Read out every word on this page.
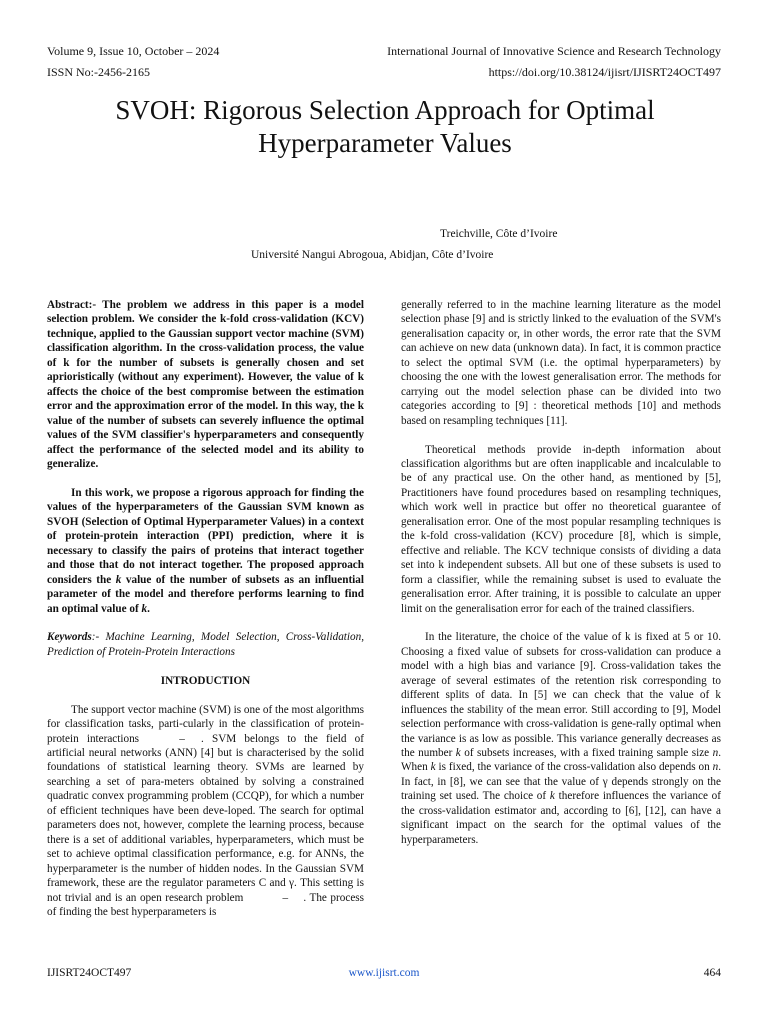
Volume 9, Issue 10, October – 2024	International Journal of Innovative Science and Research Technology
ISSN No:-2456-2165	https://doi.org/10.38124/ijisrt/IJISRT24OCT497
SVOH: Rigorous Selection Approach for Optimal Hyperparameter Values
Treichville, Côte d’Ivoire
Université Nangui Abrogoua, Abidjan, Côte d’Ivoire

Abstract:- The problem we address in this paper is a model selection problem. We consider the k-fold cross-validation (KCV) technique, applied to the Gaussian support vector machine (SVM) classification algorithm. In the cross-validation process, the value of k for the number of subsets is generally chosen and set aprioristically (without any experiment). However, the value of k affects the choice of the best compromise between the estimation error and the approximation error of the model. In this way, the k value of the number of subsets can severely influence the optimal values of the SVM classifier's hyperparameters and consequently affect the performance of the selected model and its ability to generalize.

In this work, we propose a rigorous approach for finding the values of the hyperparameters of the Gaussian SVM known as SVOH (Selection of Optimal Hyperparameter Values) in a context of protein-protein interaction (PPI) prediction, where it is necessary to classify the pairs of proteins that interact together and those that do not interact together. The proposed approach considers the k value of the number of subsets as an influential parameter of the model and therefore performs learning to find an optimal value of k.

Keywords:- Machine Learning, Model Selection, Cross-Validation, Prediction of Protein-Protein Interactions

INTRODUCTION

The support vector machine (SVM) is one of the most algorithms for classification tasks, parti-cularly in the classification of protein-protein interactions	– . SVM belongs to the field of artificial neural networks (ANN) [4] but is characterised by the solid foundations of statistical learning theory. SVMs are learned by searching a set of para-meters obtained by solving a constrained quadratic convex programming problem (CCQP), for which a number of efficient techniques have been deve-loped. The search for optimal parameters does not, however, complete the learning process, because there is a set of additional variables, hyperparameters, which must be set to achieve optimal classification performance, e.g. for ANNs, the hyperparameter is the number of hidden nodes. In the Gaussian SVM framework, these are the regulator parameters C and γ. This setting is not trivial and is an open research problem	– . The process of finding the best hyperparameters is

generally referred to in the machine learning literature as the model selection phase [9] and is strictly linked to the evaluation of the SVM's generalisation capacity or, in other words, the error rate that the SVM can achieve on new data (unknown data). In fact, it is common practice to select the optimal SVM (i.e. the optimal hyperparameters) by choosing the one with the lowest generalisation error. The methods for carrying out the model selection phase can be divided into two categories according to [9] : theoretical methods [10] and methods based on resampling techniques [11].

Theoretical methods provide in-depth information about classification algorithms but are often inapplicable and incalculable to be of any practical use. On the other hand, as mentioned by [5], Practitioners have found procedures based on resampling techniques, which work well in practice but offer no theoretical guarantee of generalisation error. One of the most popular resampling techniques is the k-fold cross-validation (KCV) procedure [8], which is simple, effective and reliable. The KCV technique consists of dividing a data set into k independent subsets. All but one of these subsets is used to form a classifier, while the remaining subset is used to evaluate the generalisation error. After training, it is possible to calculate an upper limit on the generalisation error for each of the trained classifiers.

In the literature, the choice of the value of k is fixed at 5 or 10. Choosing a fixed value of subsets for cross-validation can produce a model with a high bias and variance [9]. Cross-validation takes the average of several estimates of the retention risk corresponding to different splits of data. In [5] we can check that the value of k influences the stability of the mean error. Still according to [9], Model selection performance with cross-validation is gene-rally optimal when the variance is as low as possible. This variance generally decreases as the number k of subsets increases, with a fixed training sample size n. When k is fixed, the variance of the cross-validation also depends on n. In fact, in [8], we can see that the value of γ depends strongly on the training set used. The choice of k therefore influences the variance of the cross-validation estimator and, according to [6], [12], can have a significant impact on the search for the optimal values of the hyperparameters.

IJISRT24OCT497	www.ijisrt.com	464
